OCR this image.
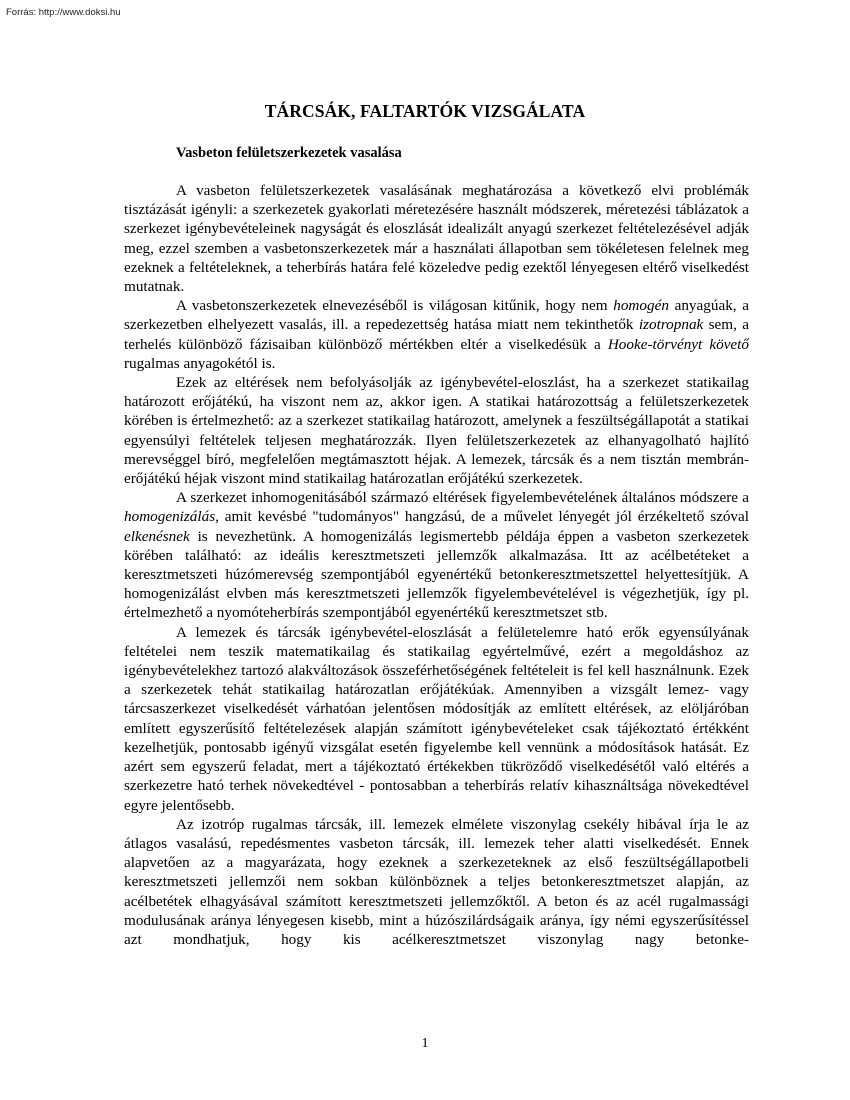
Forrás: http://www.doksi.hu
TÁRCSÁK, FALTARTÓK VIZSGÁLATA
Vasbeton felületszerkezetek vasalása

A vasbeton felületszerkezetek vasalásának meghatározása a következő elvi problémák tisztázását igényli: a szerkezetek gyakorlati méretezésére használt módszerek, méretezési táblázatok a szerkezet igénybevételeinek nagyságát és eloszlását idealizált anyagú szerkezet feltételezésével adják meg, ezzel szemben a vasbetonszerkezetek már a használati állapotban sem tökéletesen felelnek meg ezeknek a feltételeknek, a teherbírás határa felé közeledve pedig ezektől lényegesen eltérő viselkedést mutatnak.

A vasbetonszerkezetek elnevezéséből is világosan kitűnik, hogy nem homogén anyagúak, a szerkezetben elhelyezett vasalás, ill. a repedezettség hatása miatt nem tekinthetők izotropnak sem, a terhelés különböző fázisaiban különböző mértékben eltér a viselkedésük a Hooke-törvényt követő rugalmas anyagokétól is.

Ezek az eltérések nem befolyásolják az igénybevétel-eloszlást, ha a szerkezet statikailag határozott erőjátékú, ha viszont nem az, akkor igen. A statikai határozottság a felületszerkezetek körében is értelmezhető: az a szerkezet statikailag határozott, amelynek a feszültségállapotát a statikai egyensúlyi feltételek teljesen meghatározzák. Ilyen felületszerkezetek az elhanyagolható hajlító merevséggel bíró, megfelelően megtámasztott héjak. A lemezek, tárcsák és a nem tisztán membrán-erőjátékú héjak viszont mind statikailag határozatlan erőjátékú szerkezetek.

A szerkezet inhomogenitásából származó eltérések figyelembevételének általános módszere a homogenizálás, amit kevésbé "tudományos" hangzású, de a művelet lényegét jól érzékeltető szóval elkenésnek is nevezhetünk. A homogenizálás legismertebb példája éppen a vasbeton szerkezetek körében található: az ideális keresztmetszeti jellemzők alkalmazása. Itt az acélbetéteket a keresztmetszeti húzómerevség szempontjából egyenértékű betonkeresztmetszettel helyettesítjük. A homogenizálást elvben más keresztmetszeti jellemzők figyelembevételével is végezhetjük, így pl. értelmezhető a nyomóteherbírás szempontjából egyenértékű keresztmetszet stb.

A lemezek és tárcsák igénybevétel-eloszlását a felületelemre ható erők egyensúlyának feltételei nem teszik matematikailag és statikailag egyértelművé, ezért a megoldáshoz az igénybevételekhez tartozó alakváltozások összeférhetőségének feltételeit is fel kell használnunk. Ezek a szerkezetek tehát statikailag határozatlan erőjátékúak. Amennyiben a vizsgált lemez- vagy tárcsaszerkezet viselkedését várhatóan jelentősen módosítják az említett eltérések, az elöljáróban említett egyszerűsítő feltételezések alapján számított igénybevételeket csak tájékoztató értékként kezelhetjük, pontosabb igényű vizsgálat esetén figyelembe kell vennünk a módosítások hatását. Ez azért sem egyszerű feladat, mert a tájékoztató értékekben tükröződő viselkedésétől való eltérés a szerkezetre ható terhek növekedtével - pontosabban a teherbírás relatív kihasználtsága növekedtével egyre jelentősebb.

Az izotróp rugalmas tárcsák, ill. lemezek elmélete viszonylag csekély hibával írja le az átlagos vasalású, repedésmentes vasbeton tárcsák, ill. lemezek teher alatti viselkedését. Ennek alapvetően az a magyarázata, hogy ezeknek a szerkezeteknek az első feszültségállapotbeli keresztmetszeti jellemzői nem sokban különböznek a teljes betonkeresztmetszet alapján, az acélbetétek elhagyásával számított keresztmetszeti jellemzőktől. A beton és az acél rugalmassági modulusának aránya lényegesen kisebb, mint a húzószilárdságaik aránya, így némi egyszerűsítéssel azt mondhatjuk, hogy kis acélkeresztmetszet viszonylag nagy betonke-

1
